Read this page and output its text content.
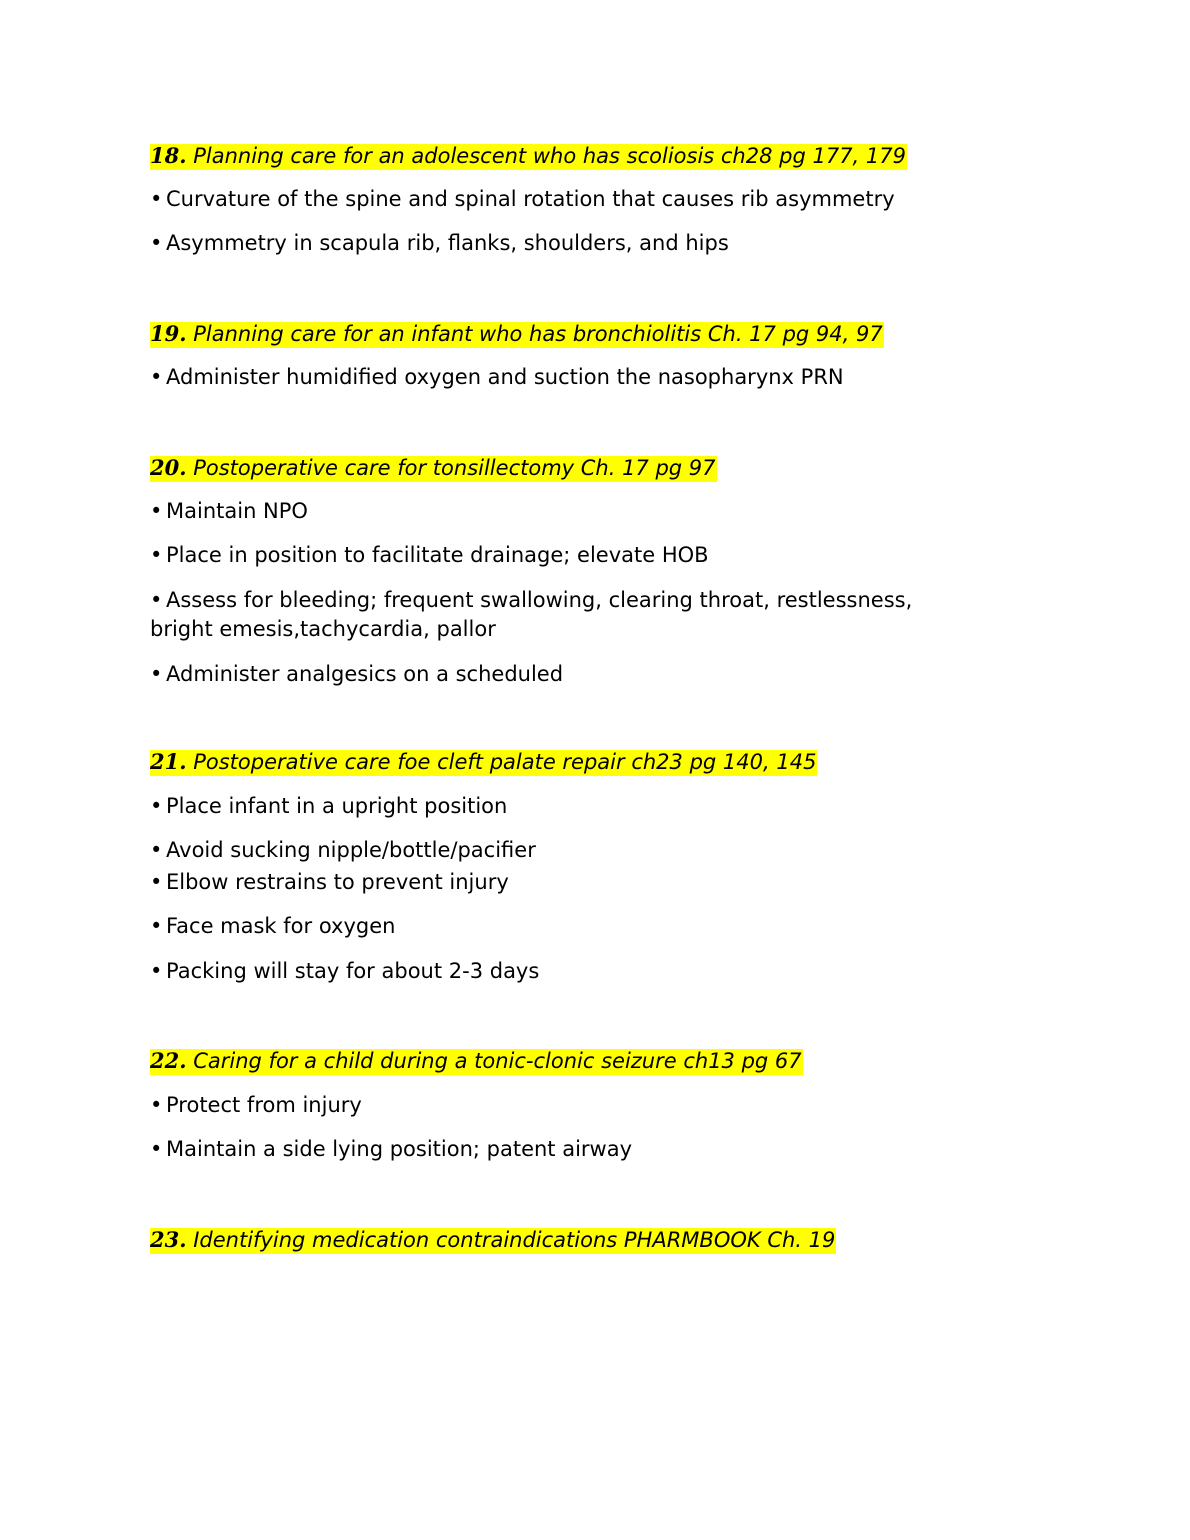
18. Planning care for an adolescent who has scoliosis ch28 pg 177, 179
• Curvature of the spine and spinal rotation that causes rib asymmetry
• Asymmetry in scapula rib, flanks, shoulders, and hips
19. Planning care for an infant who has bronchiolitis Ch. 17 pg 94, 97
• Administer humidified oxygen and suction the nasopharynx PRN
20. Postoperative care for tonsillectomy Ch. 17 pg 97
• Maintain NPO
• Place in position to facilitate drainage; elevate HOB
• Assess for bleeding; frequent swallowing, clearing throat, restlessness,
bright emesis,tachycardia, pallor
• Administer analgesics on a scheduled
21. Postoperative care foe cleft palate repair ch23 pg 140, 145
• Place infant in a upright position
• Avoid sucking nipple/bottle/pacifier
• Elbow restrains to prevent injury
• Face mask for oxygen
• Packing will stay for about 2-3 days
22. Caring for a child during a tonic-clonic seizure ch13 pg 67
• Protect from injury
• Maintain a side lying position; patent airway
23. Identifying medication contraindications PHARMBOOK Ch. 19
